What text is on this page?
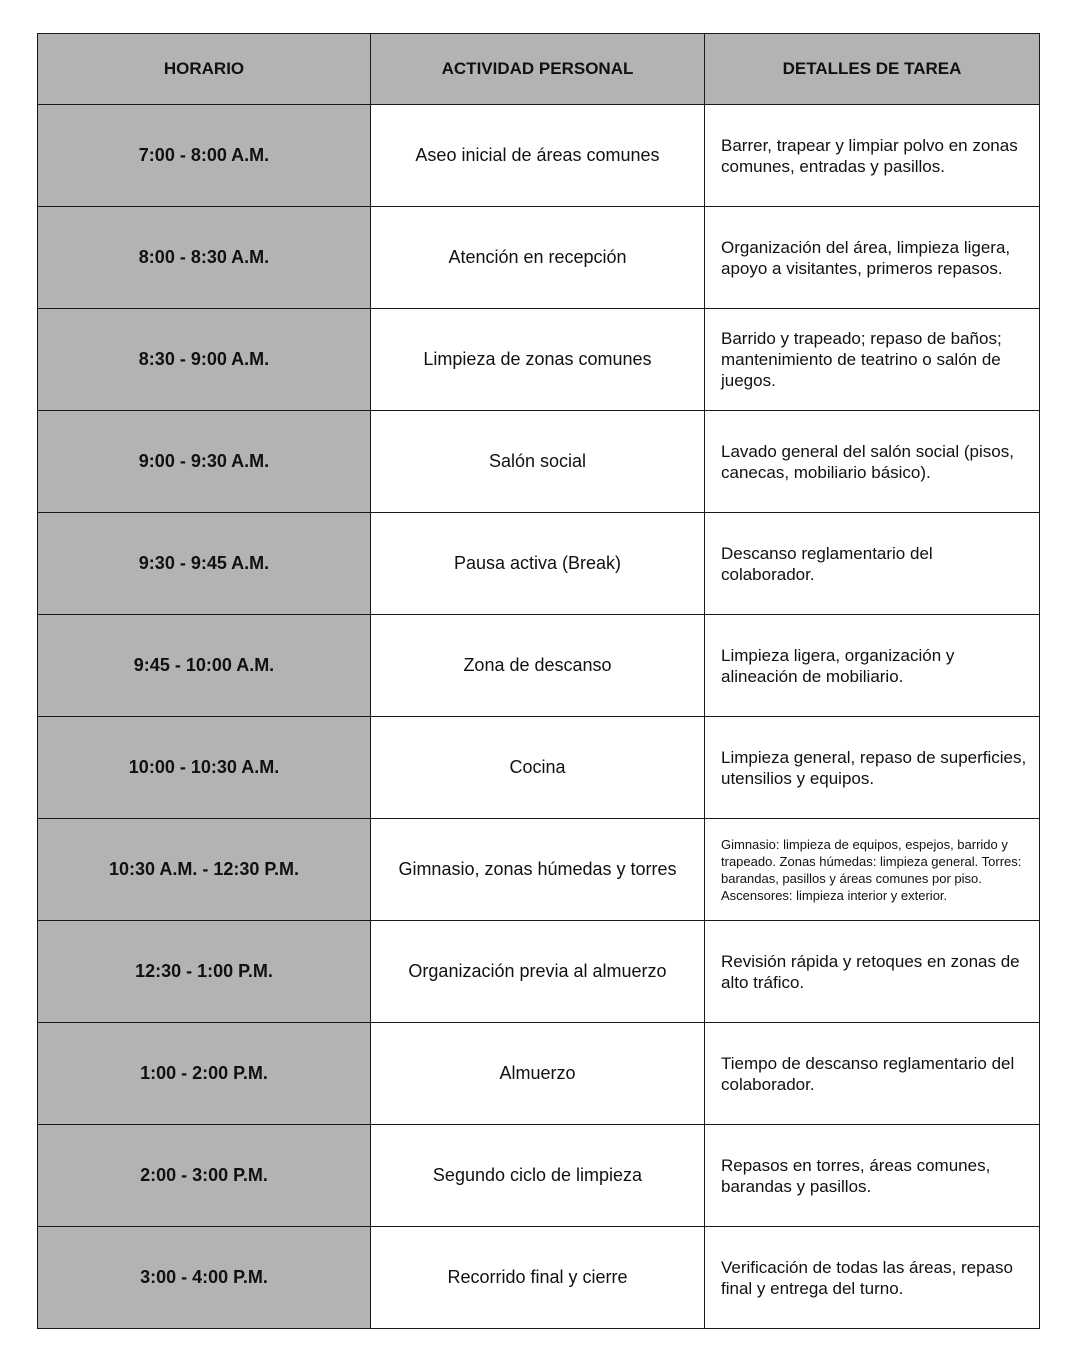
HORARIO	ACTIVIDAD PERSONAL	DETALLES DE TAREA
7:00 - 8:00 A.M.	Aseo inicial de áreas comunes	Barrer, trapear y limpiar polvo en zonas comunes, entradas y pasillos.
8:00 - 8:30 A.M.	Atención en recepción	Organización del área, limpieza ligera, apoyo a visitantes, primeros repasos.
8:30 - 9:00 A.M.	Limpieza de zonas comunes	Barrido y trapeado; repaso de baños; mantenimiento de teatrino o salón de juegos.
9:00 - 9:30 A.M.	Salón social	Lavado general del salón social (pisos, canecas, mobiliario básico).
9:30 - 9:45 A.M.	Pausa activa (Break)	Descanso reglamentario del colaborador.
9:45 - 10:00 A.M.	Zona de descanso	Limpieza ligera, organización y alineación de mobiliario.
10:00 - 10:30 A.M.	Cocina	Limpieza general, repaso de superficies, utensilios y equipos.
10:30 A.M. - 12:30 P.M.	Gimnasio, zonas húmedas y torres	Gimnasio: limpieza de equipos, espejos, barrido y trapeado. Zonas húmedas: limpieza general. Torres: barandas, pasillos y áreas comunes por piso. Ascensores: limpieza interior y exterior.
12:30 - 1:00 P.M.	Organización previa al almuerzo	Revisión rápida y retoques en zonas de alto tráfico.
1:00 - 2:00 P.M.	Almuerzo	Tiempo de descanso reglamentario del colaborador.
2:00 - 3:00 P.M.	Segundo ciclo de limpieza	Repasos en torres, áreas comunes, barandas y pasillos.
3:00 - 4:00 P.M.	Recorrido final y cierre	Verificación de todas las áreas, repaso final y entrega del turno.
